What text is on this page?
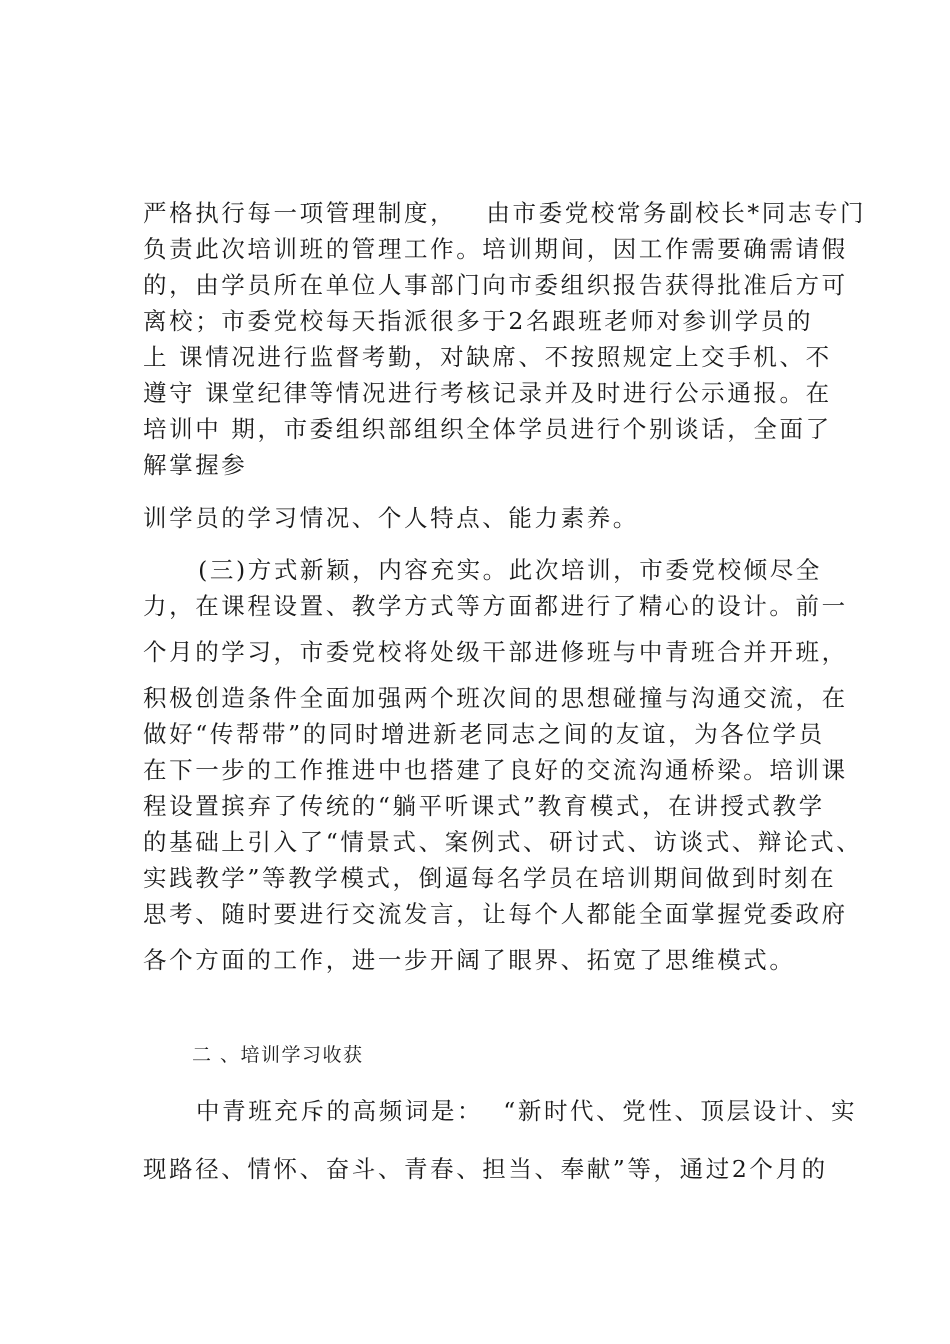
严格执行每一项管理制度，   由市委党校常务副校长*同志专门
负责此次培训班的管理工作。培训期间，因工作需要确需请假
的，由学员所在单位人事部门向市委组织报告获得批准后方可
离校；市委党校每天指派很多于2名跟班老师对参训学员的
上 课情况进行监督考勤，对缺席、不按照规定上交手机、不
遵守 课堂纪律等情况进行考核记录并及时进行公示通报。在
培训中 期，市委组织部组织全体学员进行个别谈话，全面了
解掌握参
训学员的学习情况、个人特点、能力素养。
(三)方式新颖，内容充实。此次培训，市委党校倾尽全
力，在课程设置、教学方式等方面都进行了精心的设计。前一
个月的学习，市委党校将处级干部进修班与中青班合并开班，
积极创造条件全面加强两个班次间的思想碰撞与沟通交流，在
做好“传帮带”的同时增进新老同志之间的友谊，为各位学员
在下一步的工作推进中也搭建了良好的交流沟通桥梁。培训课
程设置摈弃了传统的“躺平听课式”教育模式，在讲授式教学
的基础上引入了“情景式、案例式、研讨式、访谈式、辩论式、
实践教学”等教学模式，倒逼每名学员在培训期间做到时刻在
思考、随时要进行交流发言，让每个人都能全面掌握党委政府
各个方面的工作，进一步开阔了眼界、拓宽了思维模式。
二 、培训学习收获
中青班充斥的高频词是：  “新时代、党性、顶层设计、实
现路径、情怀、奋斗、青春、担当、奉献”等，通过2个月的
